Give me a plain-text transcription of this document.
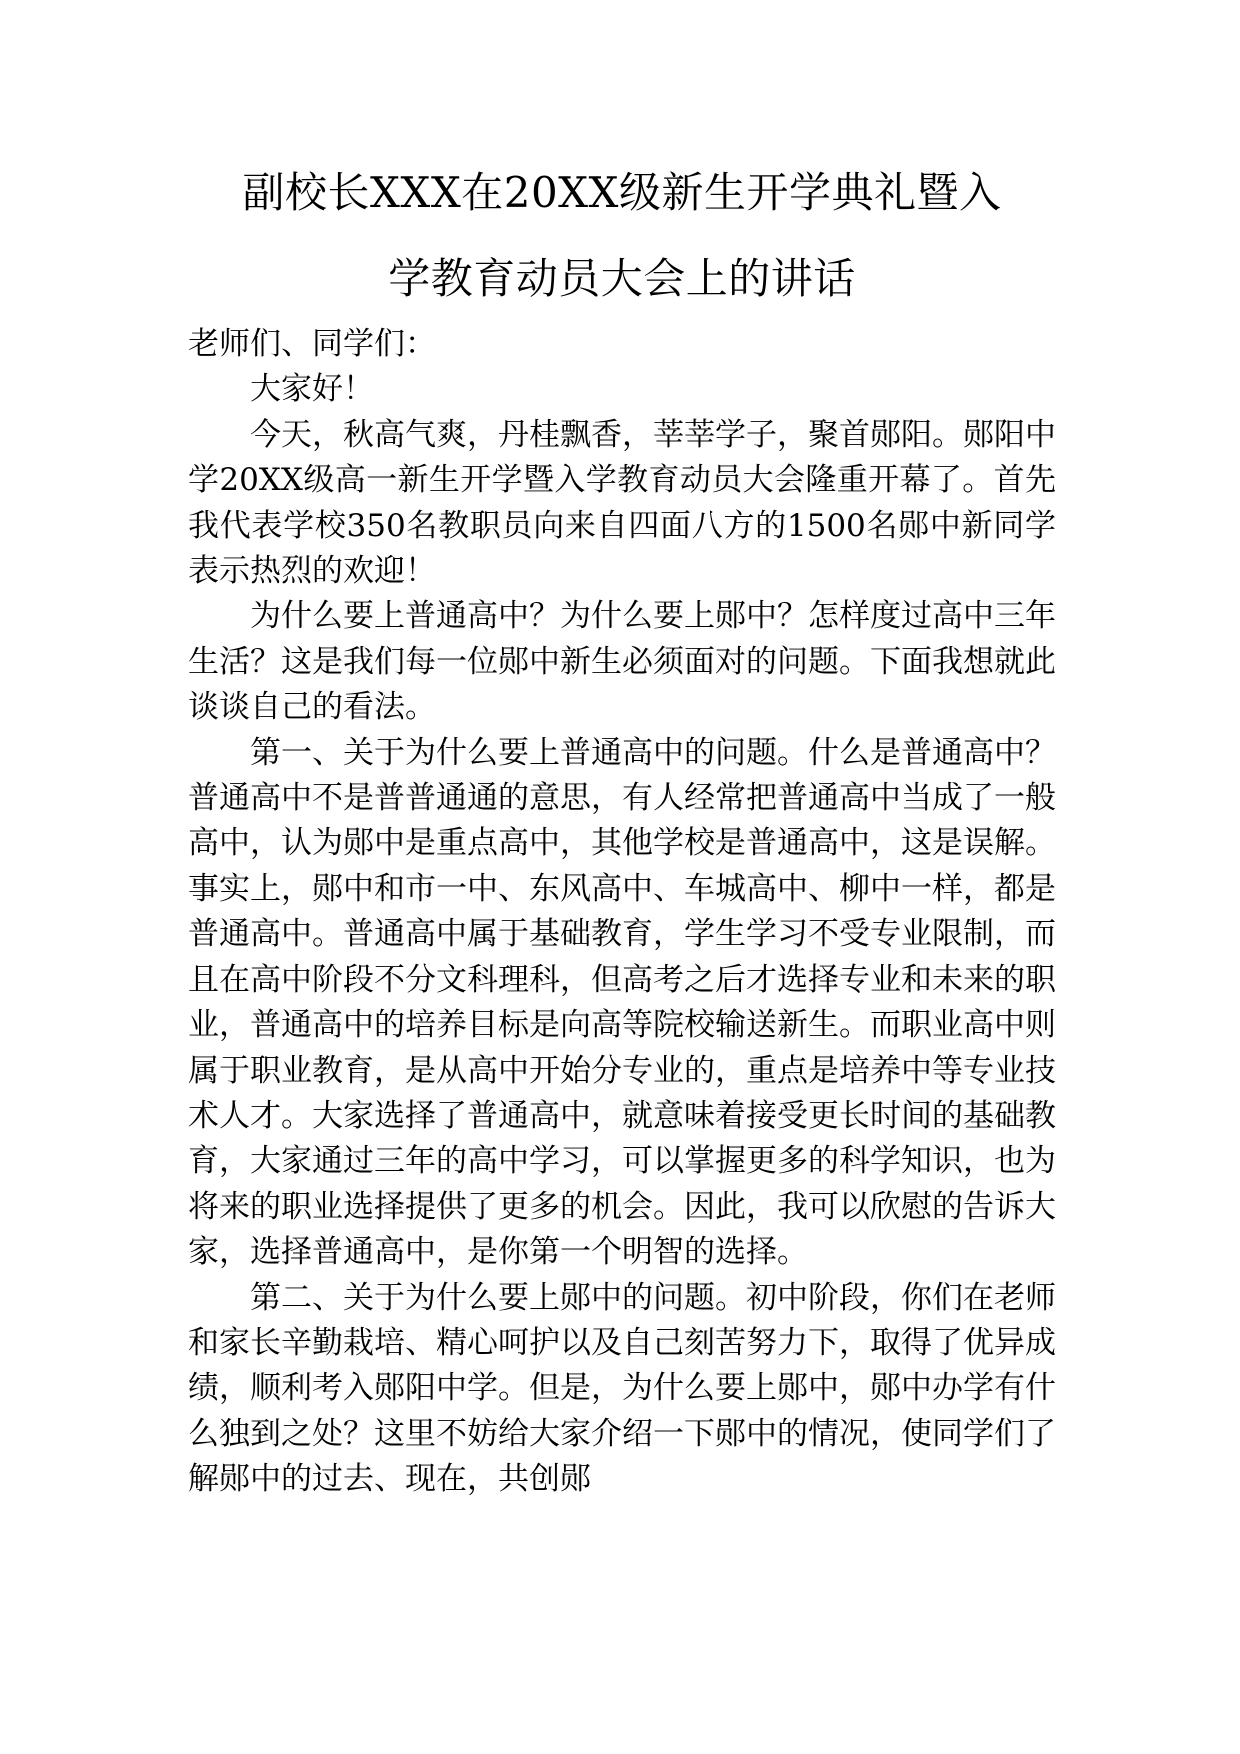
副校长XXX在20XX级新生开学典礼暨入
学教育动员大会上的讲话

老师们、同学们：

大家好！

今天，秋高气爽，丹桂飘香，莘莘学子，聚首郧阳。郧阳中学20XX级高一新生开学暨入学教育动员大会隆重开幕了。首先我代表学校350名教职员向来自四面八方的1500名郧中新同学表示热烈的欢迎！

为什么要上普通高中？为什么要上郧中？怎样度过高中三年生活？这是我们每一位郧中新生必须面对的问题。下面我想就此谈谈自己的看法。

第一、关于为什么要上普通高中的问题。什么是普通高中？普通高中不是普普通通的意思，有人经常把普通高中当成了一般高中，认为郧中是重点高中，其他学校是普通高中，这是误解。事实上，郧中和市一中、东风高中、车城高中、柳中一样，都是普通高中。普通高中属于基础教育，学生学习不受专业限制，而且在高中阶段不分文科理科，但高考之后才选择专业和未来的职业，普通高中的培养目标是向高等院校输送新生。而职业高中则属于职业教育，是从高中开始分专业的，重点是培养中等专业技术人才。大家选择了普通高中，就意味着接受更长时间的基础教育，大家通过三年的高中学习，可以掌握更多的科学知识，也为将来的职业选择提供了更多的机会。因此，我可以欣慰的告诉大家，选择普通高中，是你第一个明智的选择。

第二、关于为什么要上郧中的问题。初中阶段，你们在老师和家长辛勤栽培、精心呵护以及自己刻苦努力下，取得了优异成绩，顺利考入郧阳中学。但是，为什么要上郧中，郧中办学有什么独到之处？这里不妨给大家介绍一下郧中的情况，使同学们了解郧中的过去、现在，共创郧
